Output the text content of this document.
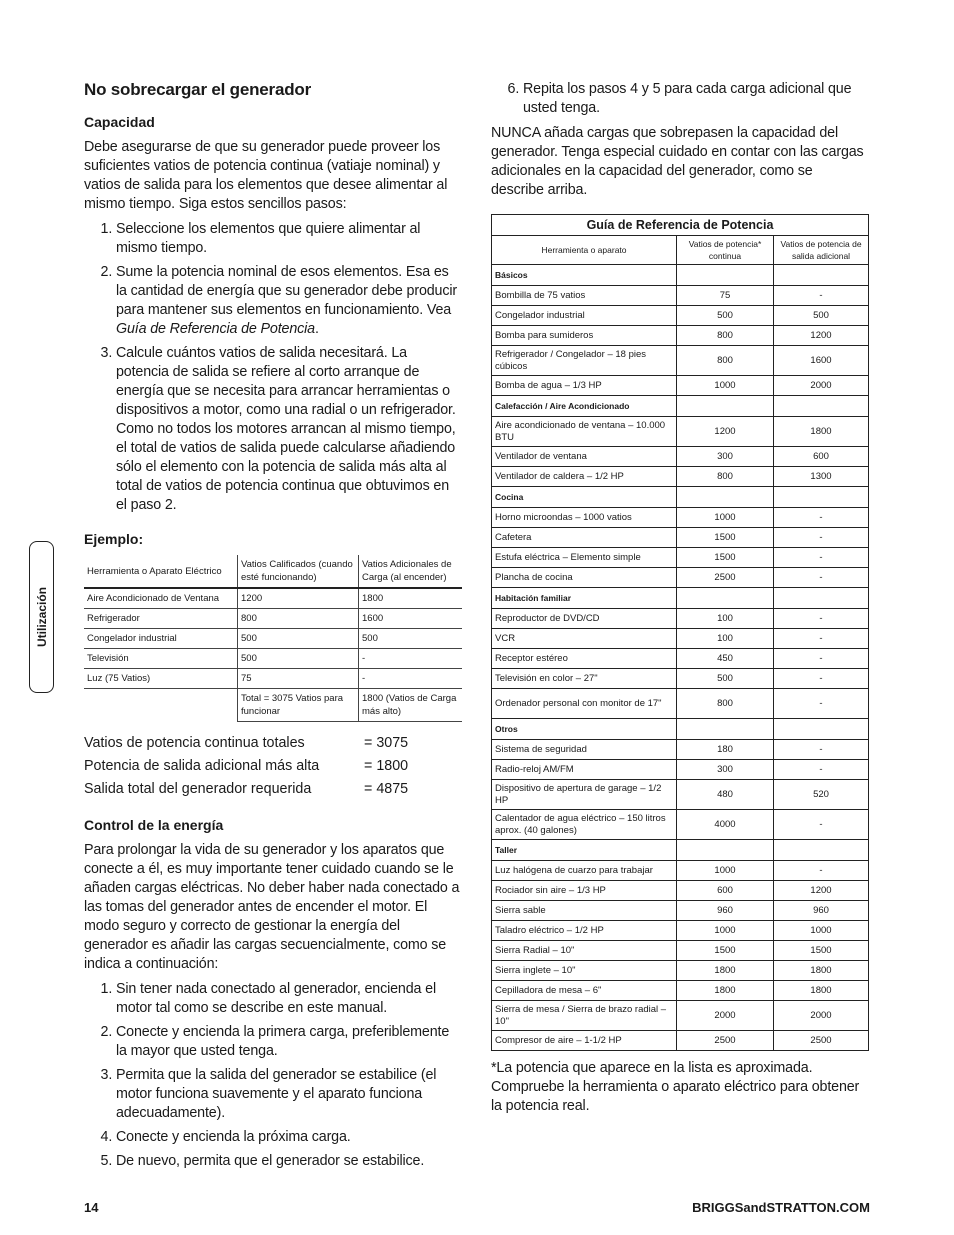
Utilización
No sobrecargar el generador
Capacidad

Debe asegurarse de que su generador puede proveer los suficientes vatios de potencia continua (vatiaje nominal) y vatios de salida para los elementos que desee alimentar al mismo tiempo. Siga estos sencillos pasos:

1. Seleccione los elementos que quiere alimentar al mismo tiempo.
2. Sume la potencia nominal de esos elementos. Esa es la cantidad de energía que su generador debe producir para mantener sus elementos en funcionamiento. Vea Guía de Referencia de Potencia.
3. Calcule cuántos vatios de salida necesitará. La potencia de salida se refiere al corto arranque de energía que se necesita para arrancar herramientas o dispositivos a motor, como una radial o un refrigerador. Como no todos los motores arrancan al mismo tiempo, el total de vatios de salida puede calcularse añadiendo sólo el elemento con la potencia de salida más alta al total de vatios de potencia continua que obtuvimos en el paso 2.
Ejemplo:
Herramienta o Aparato Eléctrico	Vatios Calificados (cuando esté funcionando)	Vatios Adicionales de Carga (al encender)
Aire Acondicionado de Ventana	1200	1800
Refrigerador	800	1600
Congelador industrial	500	500
Televisión	500	-
Luz (75 Vatios)	75	-
	Total = 3075 Vatios para funcionar	1800 (Vatios de Carga más alto)
Vatios de potencia continua totales	= 3075
Potencia de salida adicional más alta	= 1800
Salida total del generador requerida	= 4875
Control de la energía

Para prolongar la vida de su generador y los aparatos que conecte a él, es muy importante tener cuidado cuando se le añaden cargas eléctricas. No deber haber nada conectado a las tomas del generador antes de encender el motor. El modo seguro y correcto de gestionar la energía del generador es añadir las cargas secuencialmente, como se indica a continuación:

1. Sin tener nada conectado al generador, encienda el motor tal como se describe en este manual.
2. Conecte y encienda la primera carga, preferiblemente la mayor que usted tenga.
3. Permita que la salida del generador se estabilice (el motor funciona suavemente y el aparato funciona adecuadamente).
4. Conecte y encienda la próxima carga.
5. De nuevo, permita que el generador se estabilice.
6. Repita los pasos 4 y 5 para cada carga adicional que usted tenga.

NUNCA añada cargas que sobrepasen la capacidad del generador. Tenga especial cuidado en contar con las cargas adicionales en la capacidad del generador, como se describe arriba.

Guía de Referencia de Potencia		
Herramienta o aparato	Vatios de potencia* continua	Vatios de potencia de salida adicional
Básicos		
Bombilla de 75 vatios	75	-
Congelador industrial	500	500
Bomba para sumideros	800	1200
Refrigerador / Congelador – 18 pies cúbicos	800	1600
Bomba de agua – 1/3 HP	1000	2000
Calefacción / Aire Acondicionado		
Aire acondicionado de ventana – 10.000 BTU	1200	1800
Ventilador de ventana	300	600
Ventilador de caldera – 1/2 HP	800	1300
Cocina		
Horno microondas – 1000 vatios	1000	-
Cafetera	1500	-
Estufa eléctrica – Elemento simple	1500	-
Plancha de cocina	2500	-
Habitación familiar		
Reproductor de DVD/CD	100	-
VCR	100	-
Receptor estéreo	450	-
Televisión en color – 27"	500	-
Ordenador personal con monitor de 17"	800	-
Otros		
Sistema de seguridad	180	-
Radio-reloj AM/FM	300	-
Dispositivo de apertura de garage – 1/2 HP	480	520
Calentador de agua eléctrico – 150 litros aprox. (40 galones)	4000	-
Taller		
Luz halógena de cuarzo para trabajar	1000	-
Rociador sin aire – 1/3 HP	600	1200
Sierra sable	960	960
Taladro eléctrico – 1/2 HP	1000	1000
Sierra Radial – 10"	1500	1500
Sierra inglete – 10"	1800	1800
Cepilladora de mesa – 6"	1800	1800
Sierra de mesa / Sierra de brazo radial – 10"	2000	2000
Compresor de aire – 1-1/2 HP	2500	2500
*La potencia que aparece en la lista es aproximada. Compruebe la herramienta o aparato eléctrico para obtener la potencia real.
14	BRIGGSandSTRATTON.COM
